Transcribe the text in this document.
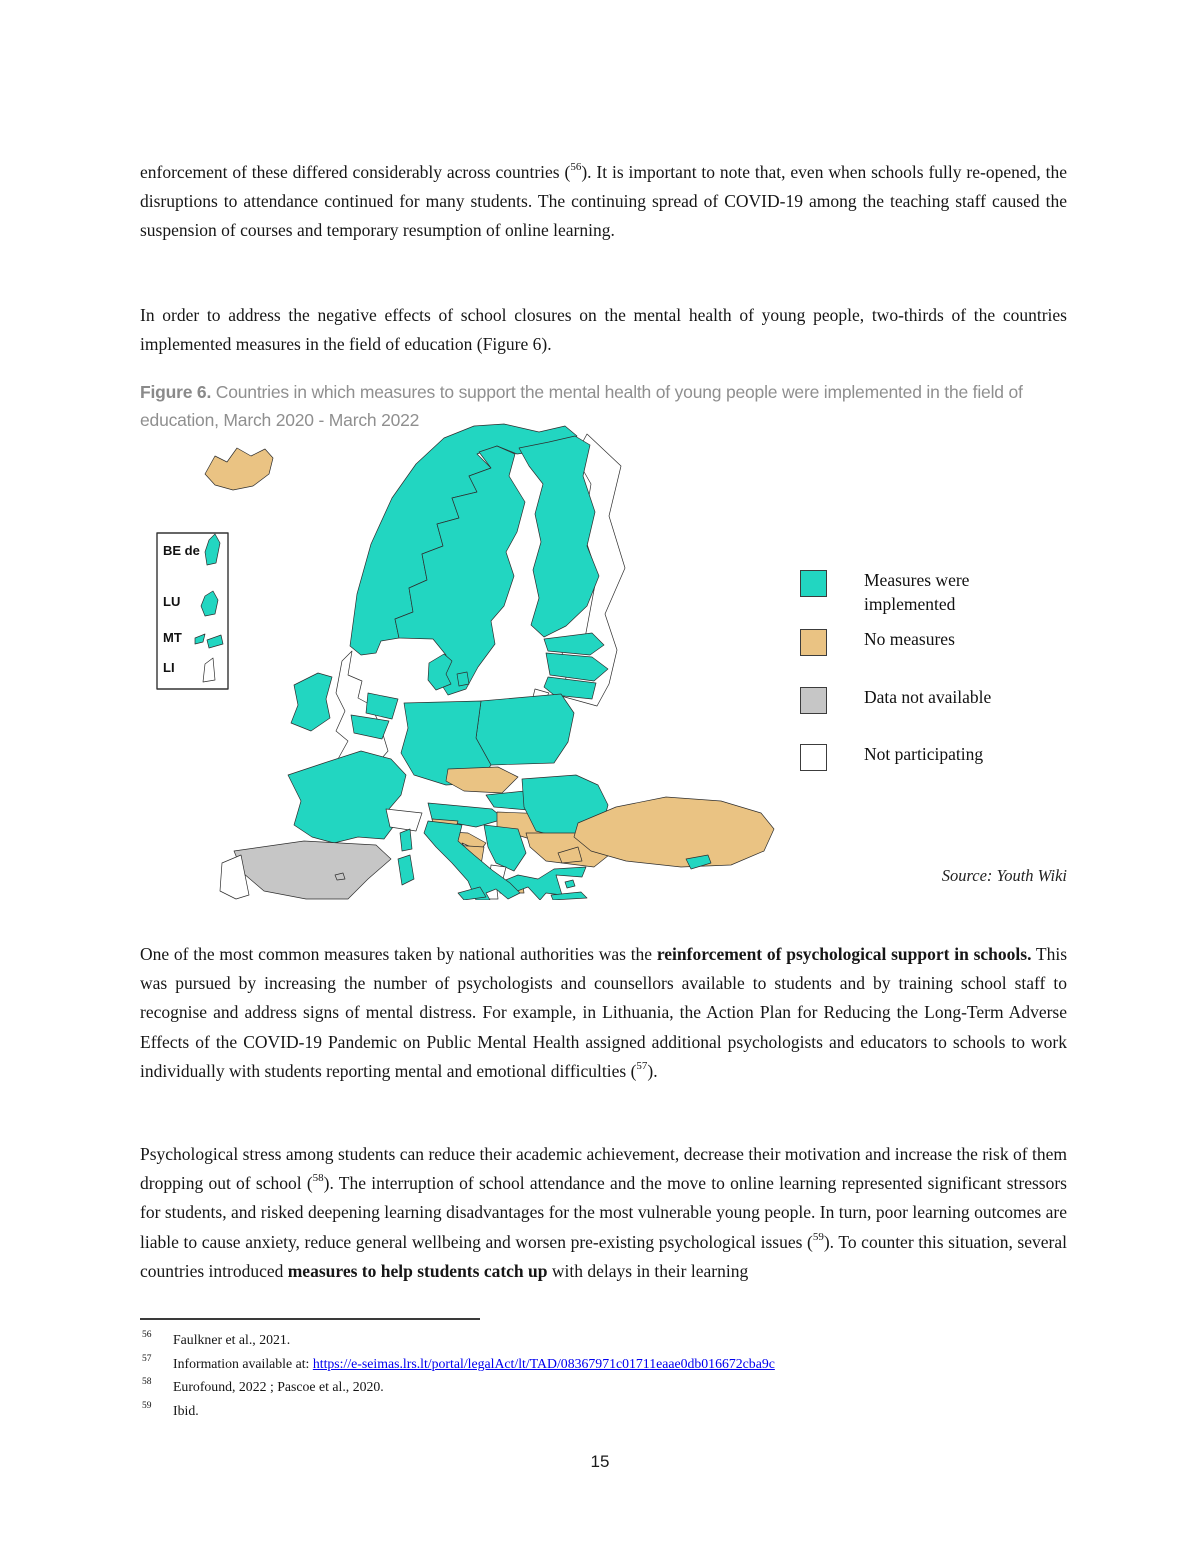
enforcement of these differed considerably across countries ($^{56}$). It is important to note that, even when schools fully re-opened, the disruptions to attendance continued for many students. The continuing spread of COVID-19 among the teaching staff caused the suspension of courses and temporary resumption of online learning.

In order to address the negative effects of school closures on the mental health of young people, two-thirds of the countries implemented measures in the field of education (Figure 6).

Figure 6. Countries in which measures to support the mental health of young people were implemented in the field of education, March 2020 - March 2022

BE de
LU
MT
LI
Measures were implemented
No measures
Data not available
Not participating
Source: Youth Wiki

One of the most common measures taken by national authorities was the reinforcement of psychological support in schools. This was pursued by increasing the number of psychologists and counsellors available to students and by training school staff to recognise and address signs of mental distress. For example, in Lithuania, the Action Plan for Reducing the Long-Term Adverse Effects of the COVID-19 Pandemic on Public Mental Health assigned additional psychologists and educators to schools to work individually with students reporting mental and emotional difficulties ($^{57}$).

Psychological stress among students can reduce their academic achievement, decrease their motivation and increase the risk of them dropping out of school ($^{58}$). The interruption of school attendance and the move to online learning represented significant stressors for students, and risked deepening learning disadvantages for the most vulnerable young people. In turn, poor learning outcomes are liable to cause anxiety, reduce general wellbeing and worsen pre-existing psychological issues ($^{59}$). To counter this situation, several countries introduced measures to help students catch up with delays in their learning

56 Faulkner et al., 2021.
57 Information available at: https://e-seimas.lrs.lt/portal/legalAct/lt/TAD/08367971c01711eaae0db016672cba9c
58 Eurofound, 2022 ; Pascoe et al., 2020.
59 Ibid.
15
